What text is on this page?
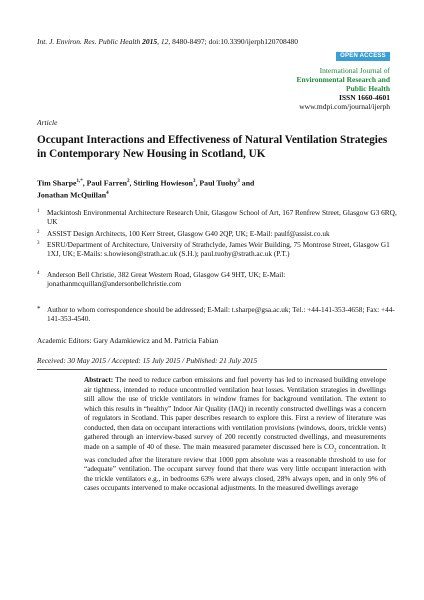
Int. J. Environ. Res. Public Health 2015, 12, 8480-8497; doi:10.3390/ijerph120708480
OPEN ACCESS
International Journal of
Environmental Research and
Public Health
ISSN 1660-4601
www.mdpi.com/journal/ijerph
Article
Occupant Interactions and Effectiveness of Natural Ventilation Strategies in Contemporary New Housing in Scotland, UK
Tim Sharpe$^{1,*}$, Paul Farren$^2$, Stirling Howieson$^3$, Paul Tuohy$^3$ and
Jonathan McQuillan$^4$
1	Mackintosh Environmental Architecture Research Unit, Glasgow School of Art, 167 Renfrew Street, Glasgow G3 6RQ, UK
2	ASSIST Design Architects, 100 Kerr Street, Glasgow G40 2QP, UK; E-Mail: paulf@assist.co.uk
3	ESRU/Department of Architecture, University of Strathclyde, James Weir Building, 75 Montrose Street, Glasgow G1 1XJ, UK; E-Mails: s.howieson@strath.ac.uk (S.H.); paul.tuohy@strath.ac.uk (P.T.)
4	Anderson Bell Christie, 382 Great Western Road, Glasgow G4 9HT, UK; E-Mail: jonathanmcquillan@andersonbellchristie.com
* Author to whom correspondence should be addressed; E-Mail: t.sharpe@gsa.ac.uk; Tel.: +44-141-353-4658; Fax: +44-141-353-4540.
Academic Editors: Gary Adamkiewicz and M. Patricia Fabian
Received: 30 May 2015 / Accepted: 15 July 2015 / Published: 21 July 2015
Abstract: The need to reduce carbon emissions and fuel poverty has led to increased building envelope air tightness, intended to reduce uncontrolled ventilation heat losses. Ventilation strategies in dwellings still allow the use of trickle ventilators in window frames for background ventilation. The extent to which this results in “healthy” Indoor Air Quality (IAQ) in recently constructed dwellings was a concern of regulators in Scotland. This paper describes research to explore this. First a review of literature was conducted, then data on occupant interactions with ventilation provisions (windows, doors, trickle vents) gathered through an interview-based survey of 200 recently constructed dwellings, and measurements made on a sample of 40 of these. The main measured parameter discussed here is $CO_2$ concentration. It was concluded after the literature review that 1000 ppm absolute was a reasonable threshold to use for “adequate” ventilation. The occupant survey found that there was very little occupant interaction with the trickle ventilators e.g., in bedrooms 63% were always closed, 28% always open, and in only 9% of cases occupants intervened to make occasional adjustments. In the measured dwellings average
